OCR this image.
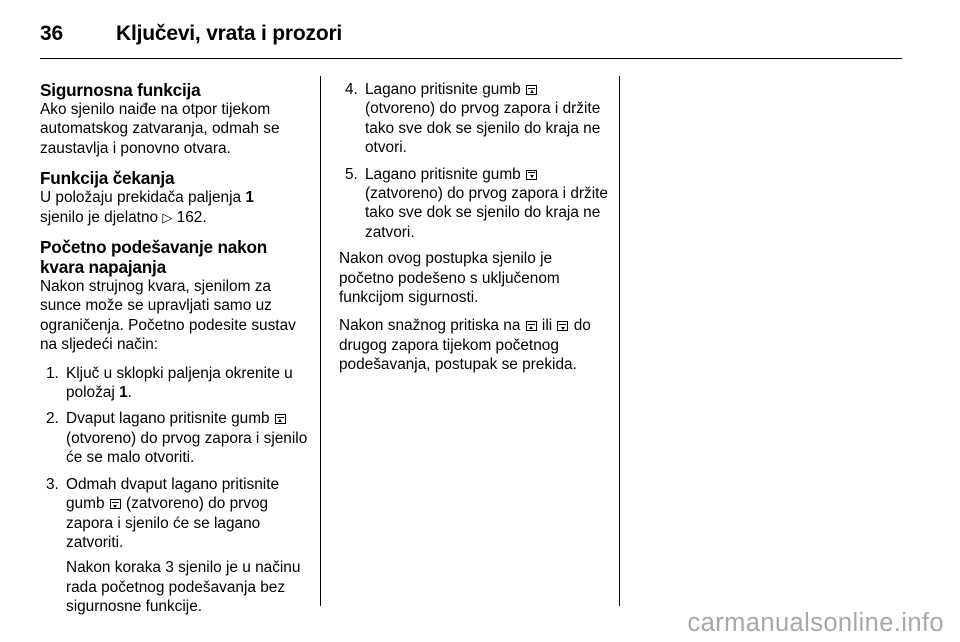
36	Ključevi, vrata i prozori
Sigurnosna funkcija

Ako sjenilo naiđe na otpor tijekom automatskog zatvaranja, odmah se zaustavlja i ponovno otvara.

Funkcija čekanja

U položaju prekidača paljenja 1
sjenilo je djelatno ▷ 162.

Početno podešavanje nakon kvara napajanja

Nakon strujnog kvara, sjenilom za sunce može se upravljati samo uz ograničenja. Početno podesite sustav na sljedeći način:

1. Ključ u sklopki paljenja okrenite u položaj 1.
2. Dvaput lagano pritisnite gumb
(otvoreno) do prvog zapora i sjenilo će se malo otvoriti.
3. Odmah dvaput lagano pritisnite gumb  (zatvoreno) do prvog zapora i sjenilo će se lagano zatvoriti.

Nakon koraka 3 sjenilo je u načinu rada početnog podešavanja bez sigurnosne funkcije.

4. Lagano pritisnite gumb
(otvoreno) do prvog zapora i držite tako sve dok se sjenilo do kraja ne otvori.
5. Lagano pritisnite gumb
(zatvoreno) do prvog zapora i držite tako sve dok se sjenilo do kraja ne zatvori.

Nakon ovog postupka sjenilo je početno podešeno s uključenom funkcijom sigurnosti.

Nakon snažnog pritiska na  ili  do drugog zapora tijekom početnog podešavanja, postupak se prekida.

carmanualsonline.info
